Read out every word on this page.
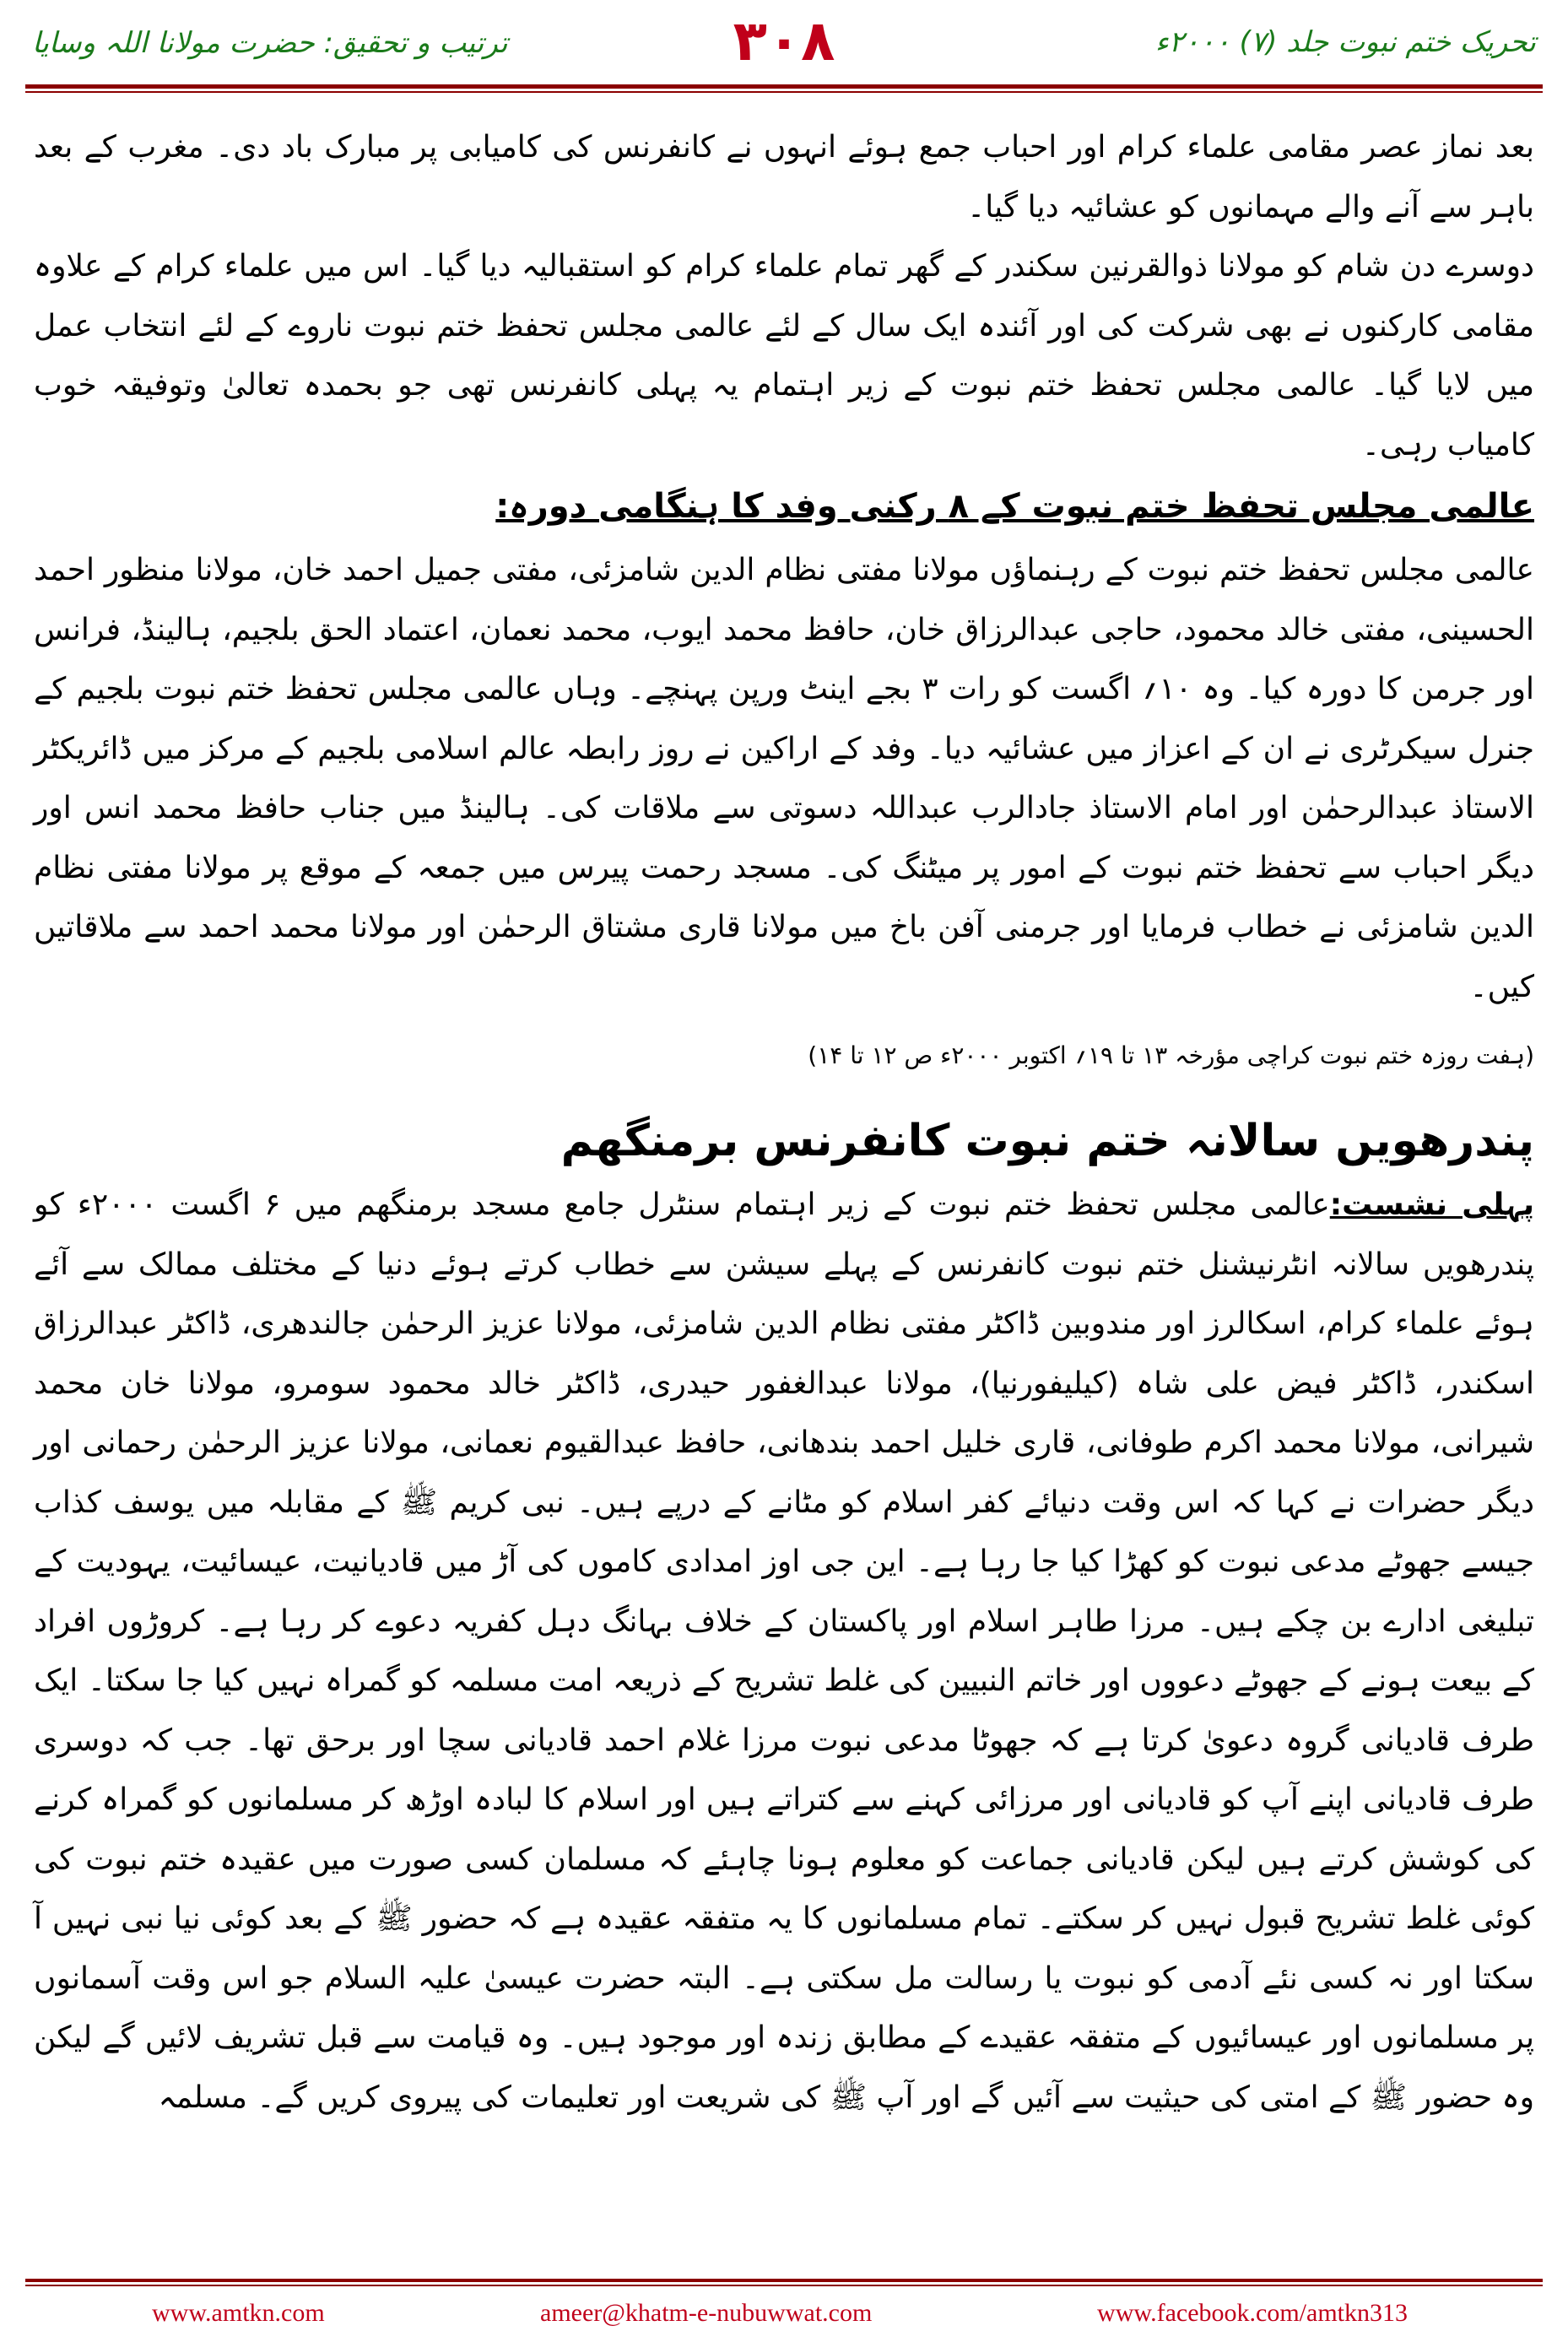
تحریک ختم نبوت جلد (۷) ۲۰۰۰ء
۳۰۸
ترتیب و تحقیق: حضرت مولانا اللہ وسایا

بعد نماز عصر مقامی علماء کرام اور احباب جمع ہوئے انہوں نے کانفرنس کی کامیابی پر مبارک باد دی۔ مغرب کے بعد باہر سے آنے والے مہمانوں کو عشائیہ دیا گیا۔

دوسرے دن شام کو مولانا ذوالقرنین سکندر کے گھر تمام علماء کرام کو استقبالیہ دیا گیا۔ اس میں علماء کرام کے علاوہ مقامی کارکنوں نے بھی شرکت کی اور آئندہ ایک سال کے لئے عالمی مجلس تحفظ ختم نبوت ناروے کے لئے انتخاب عمل میں لایا گیا۔ عالمی مجلس تحفظ ختم نبوت کے زیر اہتمام یہ پہلی کانفرنس تھی جو بحمدہ تعالیٰ وتوفیقہ خوب کامیاب رہی۔

عالمی مجلس تحفظ ختم نبوت کے ۸ رکنی وفد کا ہنگامی دورہ:

عالمی مجلس تحفظ ختم نبوت کے رہنماؤں مولانا مفتی نظام الدین شامزئی، مفتی جمیل احمد خان، مولانا منظور احمد الحسینی، مفتی خالد محمود، حاجی عبدالرزاق خان، حافظ محمد ایوب، محمد نعمان، اعتماد الحق بلجیم، ہالینڈ، فرانس اور جرمن کا دورہ کیا۔ وہ ۱۰؍ اگست کو رات ۳ بجے اینٹ ورپن پہنچے۔ وہاں عالمی مجلس تحفظ ختم نبوت بلجیم کے جنرل سیکرٹری نے ان کے اعزاز میں عشائیہ دیا۔ وفد کے اراکین نے روز رابطہ عالم اسلامی بلجیم کے مرکز میں ڈائریکٹر الاستاذ عبدالرحمٰن اور امام الاستاذ جادالرب عبداللہ دسوتی سے ملاقات کی۔ ہالینڈ میں جناب حافظ محمد انس اور دیگر احباب سے تحفظ ختم نبوت کے امور پر میٹنگ کی۔ مسجد رحمت پیرس میں جمعہ کے موقع پر مولانا مفتی نظام الدین شامزئی نے خطاب فرمایا اور جرمنی آفن باخ میں مولانا قاری مشتاق الرحمٰن اور مولانا محمد احمد سے ملاقاتیں کیں۔

(ہفت روزہ ختم نبوت کراچی مؤرخہ ۱۳ تا ۱۹؍ اکتوبر ۲۰۰۰ء ص ۱۲ تا ۱۴)

پندرھویں سالانہ ختم نبوت کانفرنس برمنگھم

پہلی نشست:عالمی مجلس تحفظ ختم نبوت کے زیر اہتمام سنٹرل جامع مسجد برمنگھم میں ۶ اگست ۲۰۰۰ء کو پندرھویں سالانہ انٹرنیشنل ختم نبوت کانفرنس کے پہلے سیشن سے خطاب کرتے ہوئے دنیا کے مختلف ممالک سے آئے ہوئے علماء کرام، اسکالرز اور مندوبین ڈاکٹر مفتی نظام الدین شامزئی، مولانا عزیز الرحمٰن جالندھری، ڈاکٹر عبدالرزاق اسکندر، ڈاکٹر فیض علی شاہ (کیلیفورنیا)، مولانا عبدالغفور حیدری، ڈاکٹر خالد محمود سومرو، مولانا خان محمد شیرانی، مولانا محمد اکرم طوفانی، قاری خلیل احمد بندھانی، حافظ عبدالقیوم نعمانی، مولانا عزیز الرحمٰن رحمانی اور دیگر حضرات نے کہا کہ اس وقت دنیائے کفر اسلام کو مٹانے کے درپے ہیں۔ نبی کریم ﷺ کے مقابلہ میں یوسف کذاب جیسے جھوٹے مدعی نبوت کو کھڑا کیا جا رہا ہے۔ این جی اوز امدادی کاموں کی آڑ میں قادیانیت، عیسائیت، یہودیت کے تبلیغی ادارے بن چکے ہیں۔ مرزا طاہر اسلام اور پاکستان کے خلاف بہانگ دہل کفریہ دعوے کر رہا ہے۔ کروڑوں افراد کے بیعت ہونے کے جھوٹے دعووں اور خاتم النبیین کی غلط تشریح کے ذریعہ امت مسلمہ کو گمراہ نہیں کیا جا سکتا۔ ایک طرف قادیانی گروہ دعویٰ کرتا ہے کہ جھوٹا مدعی نبوت مرزا غلام احمد قادیانی سچا اور برحق تھا۔ جب کہ دوسری طرف قادیانی اپنے آپ کو قادیانی اور مرزائی کہنے سے کتراتے ہیں اور اسلام کا لبادہ اوڑھ کر مسلمانوں کو گمراہ کرنے کی کوشش کرتے ہیں لیکن قادیانی جماعت کو معلوم ہونا چاہئے کہ مسلمان کسی صورت میں عقیدہ ختم نبوت کی کوئی غلط تشریح قبول نہیں کر سکتے۔ تمام مسلمانوں کا یہ متفقہ عقیدہ ہے کہ حضور ﷺ کے بعد کوئی نیا نبی نہیں آ سکتا اور نہ کسی نئے آدمی کو نبوت یا رسالت مل سکتی ہے۔ البتہ حضرت عیسیٰ علیہ السلام جو اس وقت آسمانوں پر مسلمانوں اور عیسائیوں کے متفقہ عقیدے کے مطابق زندہ اور موجود ہیں۔ وہ قیامت سے قبل تشریف لائیں گے لیکن وہ حضور ﷺ کے امتی کی حیثیت سے آئیں گے اور آپ ﷺ کی شریعت اور تعلیمات کی پیروی کریں گے۔ مسلمہ

www.amtkn.com	ameer@khatm-e-nubuwwat.com	www.facebook.com/amtkn313
